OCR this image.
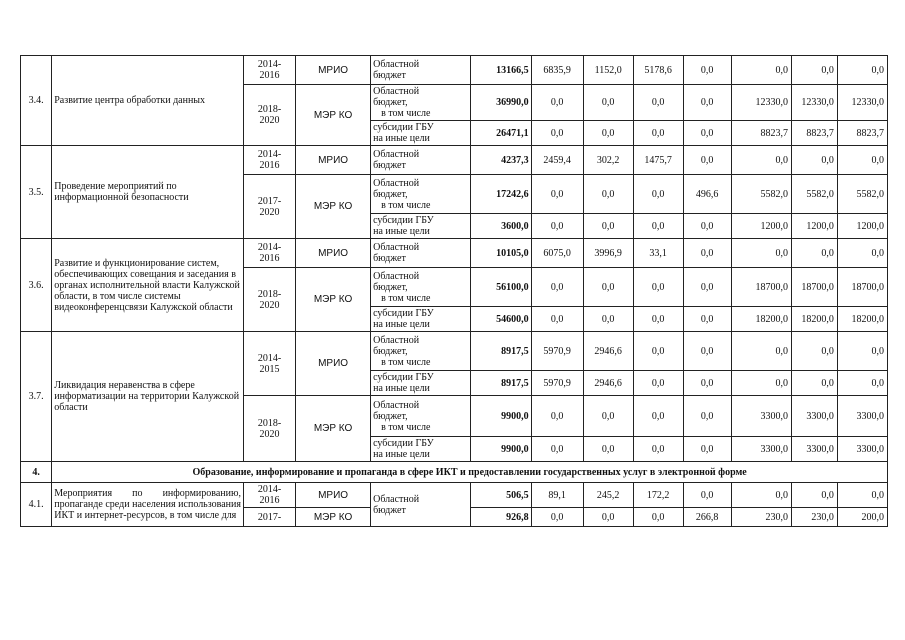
3.4.	Развитие центра обработки данных	2014-
2016	МРИО	Областной
бюджет	13166,5	6835,9	1152,0	5178,6	0,0	0,0	0,0	0,0
		2018-
2020	МЭР КО	Областной
бюджет,
в том числе	36990,0	0,0	0,0	0,0	0,0	12330,0	12330,0	12330,0
				субсидии ГБУ
на иные цели	26471,1	0,0	0,0	0,0	0,0	8823,7	8823,7	8823,7
3.5.	Проведение мероприятий по информационной безопасности	2014-
2016	МРИО	Областной
бюджет	4237,3	2459,4	302,2	1475,7	0,0	0,0	0,0	0,0
		2017-
2020	МЭР КО	Областной
бюджет,
в том числе	17242,6	0,0	0,0	0,0	496,6	5582,0	5582,0	5582,0
				субсидии ГБУ
на иные цели	3600,0	0,0	0,0	0,0	0,0	1200,0	1200,0	1200,0
3.6.	Развитие и функционирование систем, обеспечивающих совещания и заседания в органах исполнительной власти Калужской области, в том числе системы видеоконференцсвязи Калужской области	2014-
2016	МРИО	Областной
бюджет	10105,0	6075,0	3996,9	33,1	0,0	0,0	0,0	0,0
		2018-
2020	МЭР КО	Областной
бюджет,
в том числе	56100,0	0,0	0,0	0,0	0,0	18700,0	18700,0	18700,0
				субсидии ГБУ
на иные цели	54600,0	0,0	0,0	0,0	0,0	18200,0	18200,0	18200,0
3.7.	Ликвидация неравенства в сфере информатизации на территории Калужской области	2014-
2015	МРИО	Областной
бюджет,
в том числе	8917,5	5970,9	2946,6	0,0	0,0	0,0	0,0	0,0
				субсидии ГБУ
на иные цели	8917,5	5970,9	2946,6	0,0	0,0	0,0	0,0	0,0
		2018-
2020	МЭР КО	Областной
бюджет,
в том числе	9900,0	0,0	0,0	0,0	0,0	3300,0	3300,0	3300,0
				субсидии ГБУ
на иные цели	9900,0	0,0	0,0	0,0	0,0	3300,0	3300,0	3300,0
4.	Образование, информирование и пропаганда в сфере ИКТ и предоставлении государственных услуг в электронной форме											
4.1.	Мероприятия по информированию, пропаганде среди населения использования ИКТ и интернет-ресурсов, в том числе для	2014-
2016	МРИО	Областной
бюджет	506,5	89,1	245,2	172,2	0,0	0,0	0,0	0,0
		2017-	МЭР КО		926,8	0,0	0,0	0,0	266,8	230,0	230,0	200,0
